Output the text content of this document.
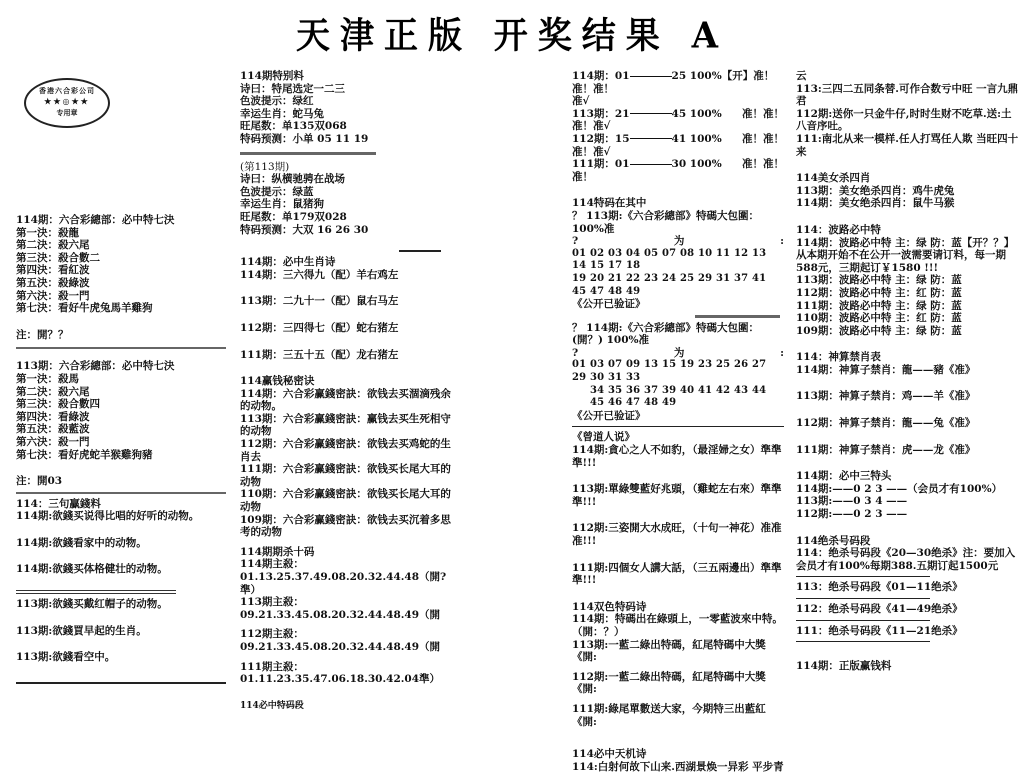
天津正版 开奖结果 A
香港六合彩公司
★★◎★★
专用章
114期：六合彩總部：必中特七決
第一決：殺龍
第二決：殺六尾
第三決：殺合數二
第四決：看紅波
第五決：殺綠波
第六決：殺一門
第七決：看好牛虎兔馬羊雞狗
注：開？？
113期：六合彩總部：必中特七決
第一決：殺馬
第二決：殺六尾
第三決：殺合數四
第四決：看綠波
第五決：殺藍波
第六決：殺一門
第七決：看好虎蛇羊猴雞狗豬
注：開03
114：三句贏錢料
114期:欲錢买说得比唱的好听的动物。
114期:欲錢看家中的动物。
114期:欲錢买体格健壮的动物。
113期:欲錢买戴红帽子的动物。
113期:欲錢買早起的生肖。
113期:欲錢看空中。
114期特别料
诗曰：特尾选定一二三
色波提示：绿红
幸运生肖：蛇马兔
旺尾数：单135双068
特码预测：小单 05 11 19
(第113期)
诗曰：纵横驰骋在战场
色波提示：绿蓝
幸运生肖：鼠猪狗
旺尾数：单179双028
特码预测：大双 16 26 30
114期：必中生肖诗
114期：三六得九（配）羊右鸡左
113期：二九十一（配）鼠右马左
112期：三四得七（配）蛇右猪左
111期：三五十五（配）龙右猪左
114赢钱秘密诀
114期：六合彩赢錢密訣：欲钱去买涸滴残余的动物。
113期：六合彩赢錢密訣：赢钱去买生死相守的动物
112期：六合彩赢錢密訣：欲钱去买鸡蛇的生肖去
111期：六合彩赢錢密訣：欲钱买长尾大耳的动物
110期：六合彩赢錢密訣：欲钱买长尾大耳的动物
109期：六合彩赢錢密訣：欲钱去买沉着多思考的动物
114期期杀十码
114期主殺：01.13.25.37.49.08.20.32.44.48（開?準）
113期主殺：09.21.33.45.08.20.32.44.48.49（開
112期主殺：09.21.33.45.08.20.32.44.48.49（開
111期主殺：01.11.23.35.47.06.18.30.42.04準）
114必中特码段
114期：01	25 100%【开】准！准！准！
准√
113期：21	45 100% 准！准！
准！准√
112期：15	41 100% 准！准！
准！准√
111期：01	30 100% 准！准！
准！
114特码在其中
？ 113期:《六合彩總部》特碼大包圍：100%准
?	为	:
01 02 03 04 05 07 08 10 11 12 13 14 15 17 18
19 20 21 22 23 24 25 29 31 37 41 45 47 48 49
《公开已验证》
？ 114期:《六合彩總部》特碼大包圍：(開？) 100%准
?	为	:
01 03 07 09 13 15 19 23 25 26 27 29 30 31 33
34 35 36 37 39 40 41 42 43 44 45 46 47 48 49
《公开已验证》
《曾道人说》
114期:貪心之人不如豹，（最淫婦之女）準準準!!!
113期:單綠雙藍好兆頭，（雞蛇左右來）準準準!!!
112期:三姿開大水成旺，（十句一神花）准准准!!!
111期:四個女人講大話，（三五兩邊出）準準準!!!
114双色特码诗
114期：特碼出在綠頭上，一零藍波來中特。（開：？）
113期:一藍二綠出特碼，紅尾特碼中大獎《開:
112期:一藍二綠出特碼，紅尾特碼中大獎《開:
111期:綠尾單數送大家，今期特三出藍紅《開:
114必中天机诗
114:白射何故下山来.西湖景焕一异彩 平步青
云
113:三四二五同条替.可作合数亏中旺 一言九鼎君
112期:送你一只金牛仔,时时生财不吃草.送:土八音序吐。
111:南北从来一模样.任人打骂任人欺 当旺四十来
114美女杀四肖
113期：美女绝杀四肖：鸡牛虎兔
114期：美女绝杀四肖：鼠牛马猴
114：波路必中特
114期：波路必中特 主：绿 防：蓝【开？？】
从本期开始不在公开一波需要请订料，每一期588元，三期起订￥1580 !!!
113期：波路必中特 主：绿 防：蓝
112期：波路必中特 主：红 防：蓝
111期：波路必中特 主：绿 防：蓝
110期：波路必中特 主：红 防：蓝
109期：波路必中特 主：绿 防：蓝
114：神算禁肖表
114期：神算子禁肖：龍——豬《准》
113期：神算子禁肖：鸡——羊《准》
112期：神算子禁肖：龍——兔《准》
111期：神算子禁肖：虎——龙《准》
114期：必中三特头
114期:——0 2 3 ——（会员才有100%）
113期:——0 3 4 ——
112期:——0 2 3 ——
114绝杀号码段
114：绝杀号码段《20—30绝杀》注：要加入会员才有100%每期388.五期订起1500元
113：绝杀号码段《01—11绝杀》
112：绝杀号码段《41—49绝杀》
111：绝杀号码段《11—21绝杀》
114期：正版赢钱料
